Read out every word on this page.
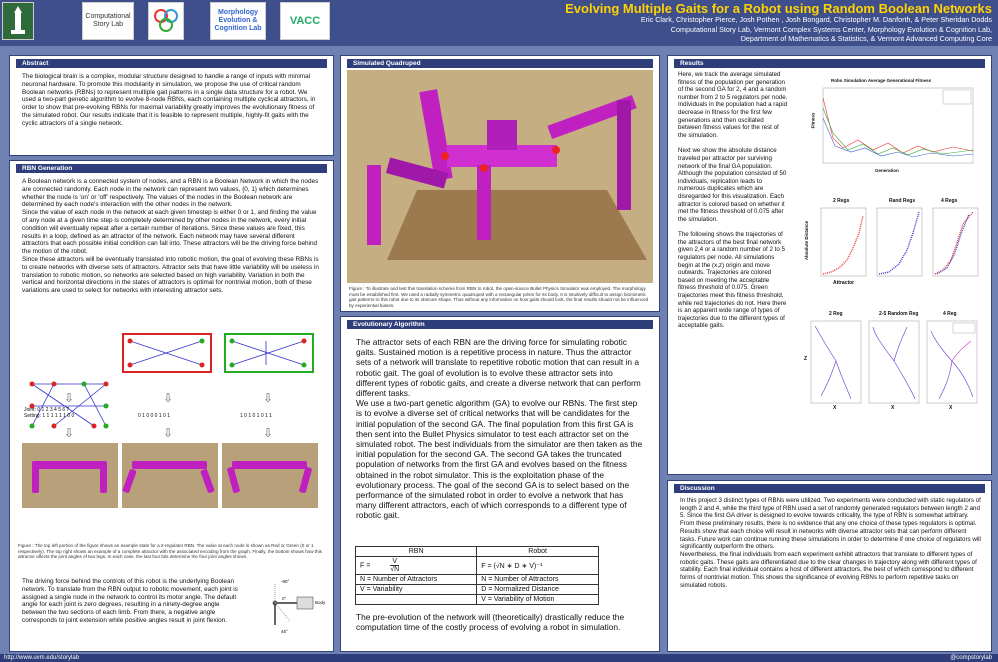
Computational Story Lab
Morphology Evolution & Cognition Lab
VACC
Evolving Multiple Gaits for a Robot using Random Boolean Networks
Eric Clark, Christopher Pierce, Josh Pothen , Josh Bongard, Christopher M. Danforth, & Peter Sheridan Dodds
Computational Story Lab, Vermont Complex Systems Center, Morphology Evolution & Cognition Lab,
Department of Mathematics & Statistics, & Vermont Advanced Computing Core
Abstract

The biological brain is a complex, modular structure designed to handle a range of inputs with minimal neuronal hardware. To promote this modularity in simulation, we propose the use of critical random Boolean networks (RBNs) to represent multiple gait patterns in a single data structure for a robot. We used a two-part genetic algorithm to evolve 8-node RBNs, each containing multiple cyclical attractors, in order to show that pre-evolving RBNs for maximal variability greatly improves the evolutionary fitness of the simulated robot. Our results indicate that it is feasible to represent multiple, highly-fit gaits with the cyclic attractors of a single network.

RBN Generation

A Boolean network is a connected system of nodes, and a RBN is a Boolean Network in which the nodes are connected randomly. Each node in the network can represent two values, {0, 1} which determines whether the node is 'on' or 'off' respectively. The values of the nodes in the Boolean network are determined by each node's interaction with the other nodes in the network.

Since the value of each node in the network at each given timestep is either 0 or 1, and finding the value of any node at a given time step is completely determined by other nodes in the network, every initial condition will eventually repeat after a certain number of iterations. Since these values are fixed, this results in a loop, defined as an attractor of the network. Each network may have several different attractors that each possible initial condition can fall into. These attractors will be the driving force behind the motion of the robot.

Since these attractors will be eventually translated into robotic motion, the goal of evolving these RBNs is to create networks with diverse sets of attractors. Attractor sets that have little variability will be useless in translation to robotic motion, so networks are selected based on high variability. Variation in both the vertical and horizontal directions in the states of attractors is optimal for nontrivial motion, both of these variations are used to select for networks with interesting attractor sets.

⇩	⇩	⇩
Joint: 0 1 2 3 4 5 6 7
Setting: 1 1 1 1 1 1 0 0	0 1 0 0 0 1 0 1	1 0 1 0 1 0 1 1
⇩	⇩	⇩
Figure : The top left portion of the figure shows an example state for a 2-regulator RBN. The value at each node is shown as Red or Green (0 or 1 respectively). The top right shows an example of a complete attractor with the associated encoding from the graph. Finally, the bottom shows how this attractor affects the joint angles of two legs. In each case, the last four bits determine the four joint angles shown.
The driving force behind the controls of this robot is the underlying Boolean network. To translate from the RBN output to robotic movement, each joint is assigned a single node in the network to control its motor angle. The default angle for each joint is zero degrees, resulting in a ninety-degree angle between the two sections of each limb. From there, a negative angle corresponds to joint extension while positive angles result in joint flexion.
-90°
0°
Body
45°
Simulated Quadruped
Figure : To illustrate and test this translation scheme from RBN to robot, the open-source Bullet Physics Simulator was employed. The morphology must be established first. We used a radially symmetric quadruped with a rectangular prism for its body. It is intuitively difficult to assign biomimetic gait patterns to this robot due to its obscure shape. Thus without any information on how gaits should look, the final results should not be influenced by experiential biases.
Evolutionary Algorithm

The attractor sets of each RBN are the driving force for simulating robotic gaits. Sustained motion is a repetitive process in nature. Thus the attractor sets of a network will translate to repetitive robotic motion that can result in a robotic gait. The goal of evolution is to evolve these attractor sets into different types of robotic gaits, and create a diverse network that can perform different tasks.

We use a two-part genetic algorithm (GA) to evolve our RBNs. The first step is to evolve a diverse set of critical networks that will be candidates for the initial population of the second GA. The final population from this first GA is then sent into the Bullet Physics simulator to test each attractor set on the simulated robot. The best individuals from the simulator are then taken as the initial population for the second GA. The second GA takes the truncated population of networks from the first GA and evolves based on the fitness obtained in the robot simulator. This is the exploitation phase of the evolutionary process. The goal of the second GA is to select based on the performance of the simulated robot in order to evolve a network that has many different attractors, each of which corresponds to a different type of robotic gait.

RBN	Robot
$F = \frac{V}{√N}$	F = (√N ∗ D ∗ V)⁻¹
N = Number of Attractors	N = Number of Attractors
V = Variability	D = Normalized Distance
	V = Variability of Motion
The pre-evolution of the network will (theoretically) drastically reduce the computation time of the costly process of evolving a robot in simulation.
Results

Here, we track the average simulated fitness of the population per generation of the second GA for 2, 4 and a random number from 2 to 5 regulators per node. Individuals in the population had a rapid decrease in fitness for the first few generations and then oscillated between fitness values for the rest of the simulation.

Next we show the absolute distance traveled per attractor per surviving network of the final GA population. Although the population consisted of 50 individuals, replication leads to numerous duplicates which are disregarded for this visualization. Each attractor is colored based on whether it met the fitness threshold of 0.075 after the simulation.

The following shows the trajectories of the attractors of the best final network given 2,4 or a random number of 2 to 5 regulators per node. All simulations begin at the (x,z) origin and move outwards. Trajectories are colored based on meeting the acceptable fitness threshold of 0.075. Green trajectories meet this fitness threshold, while red trajectories do not. Here there is an apparent wide range of types of trajectories due to the different types of acceptable gaits.

Robo Simulation Average Generational Fitness
Generation
Fitness
2 Regs	Rand Regs	4 Regs
Attractor
Absolute Distance
2 Reg	2-5 Random Reg	4 Reg
X	X	X
Z
Discussion

In this project 3 distinct types of RBNs were utilized. Two experiments were conducted with static regulators of length 2 and 4, while the third type of RBN used a set of randomly generated regulators between length 2 and 5. Since the first GA driver is designed to evolve towards criticality, the type of RBN is somewhat arbitrary. From these preliminary results, there is no evidence that any one choice of these types regulators is optimal. Results show that each choice will result in networks with diverse attractor sets that can perform different tasks. Future work can continue running these simulations in order to determine if one choice of regulators will significantly outperform the others.

Nevertheless, the final individuals from each experiment exhibit attractors that translate to different types of robotic gaits. These gaits are differentiated due to the clear changes in trajectory along with different types of stability. Each final individual contains a host of different attractors, the best of which correspond to different forms of nontrivial motion. This shows the significance of evolving RBNs to perform repetitive tasks on simulated robots.

http://www.uvm.edu/storylab	@compstorylab
